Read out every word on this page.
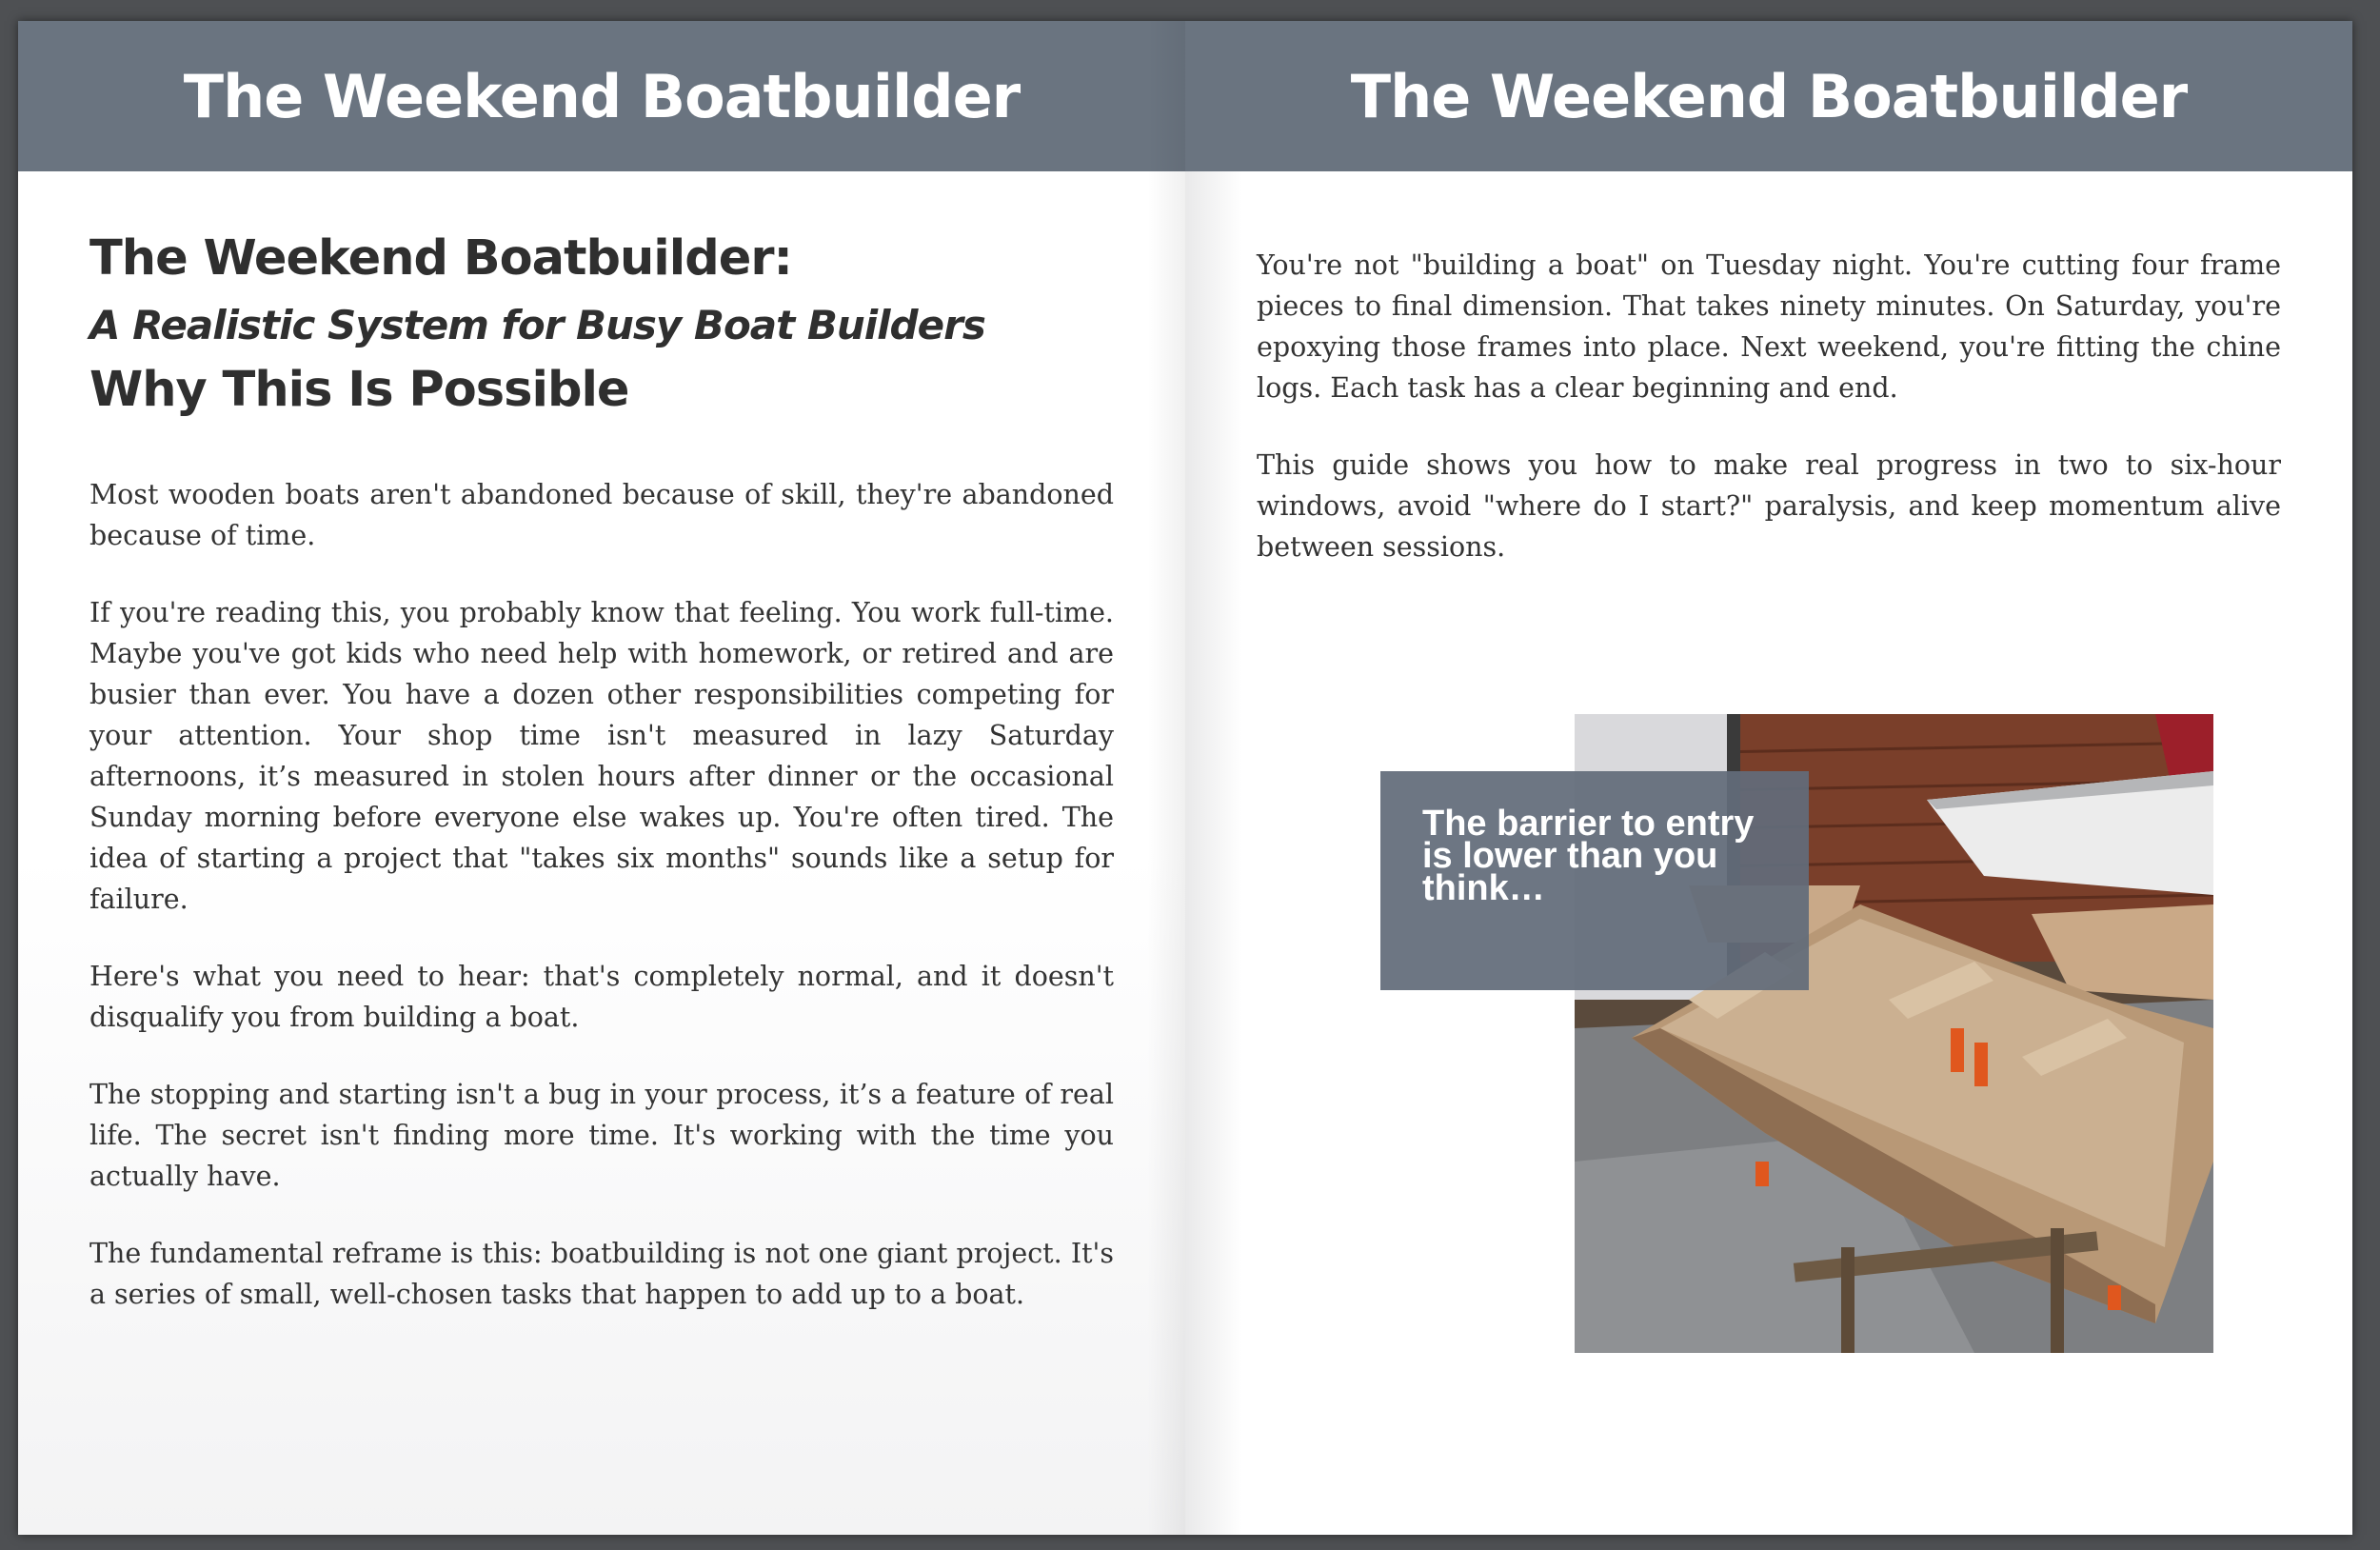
The Weekend Boatbuilder
The Weekend Boatbuilder:
A Realistic System for Busy Boat Builders
Why This Is Possible

Most wooden boats aren't abandoned because of skill, they're abandoned because of time.

If you're reading this, you probably know that feeling. You work full-time. Maybe you've got kids who need help with homework, or retired and are busier than ever. You have a dozen other responsibilities competing for your attention. Your shop time isn't measured in lazy Saturday afternoons, it’s measured in stolen hours after dinner or the occasional Sunday morning before everyone else wakes up. You're often tired. The idea of starting a project that "takes six months" sounds like a setup for failure.

Here's what you need to hear: that's completely normal, and it doesn't disqualify you from building a boat.

The stopping and starting isn't a bug in your process, it’s a feature of real life. The secret isn't finding more time. It's working with the time you actually have.

The fundamental reframe is this: boatbuilding is not one giant project. It's a series of small, well-chosen tasks that happen to add up to a boat.

The Weekend Boatbuilder

You're not "building a boat" on Tuesday night. You're cutting four frame pieces to final dimension. That takes ninety minutes. On Saturday, you're epoxying those frames into place. Next weekend, you're fitting the chine logs. Each task has a clear beginning and end.

This guide shows you how to make real progress in two to six-hour windows, avoid "where do I start?" paralysis, and keep momentum alive between sessions.

The barrier to entry
is lower than you
think…
